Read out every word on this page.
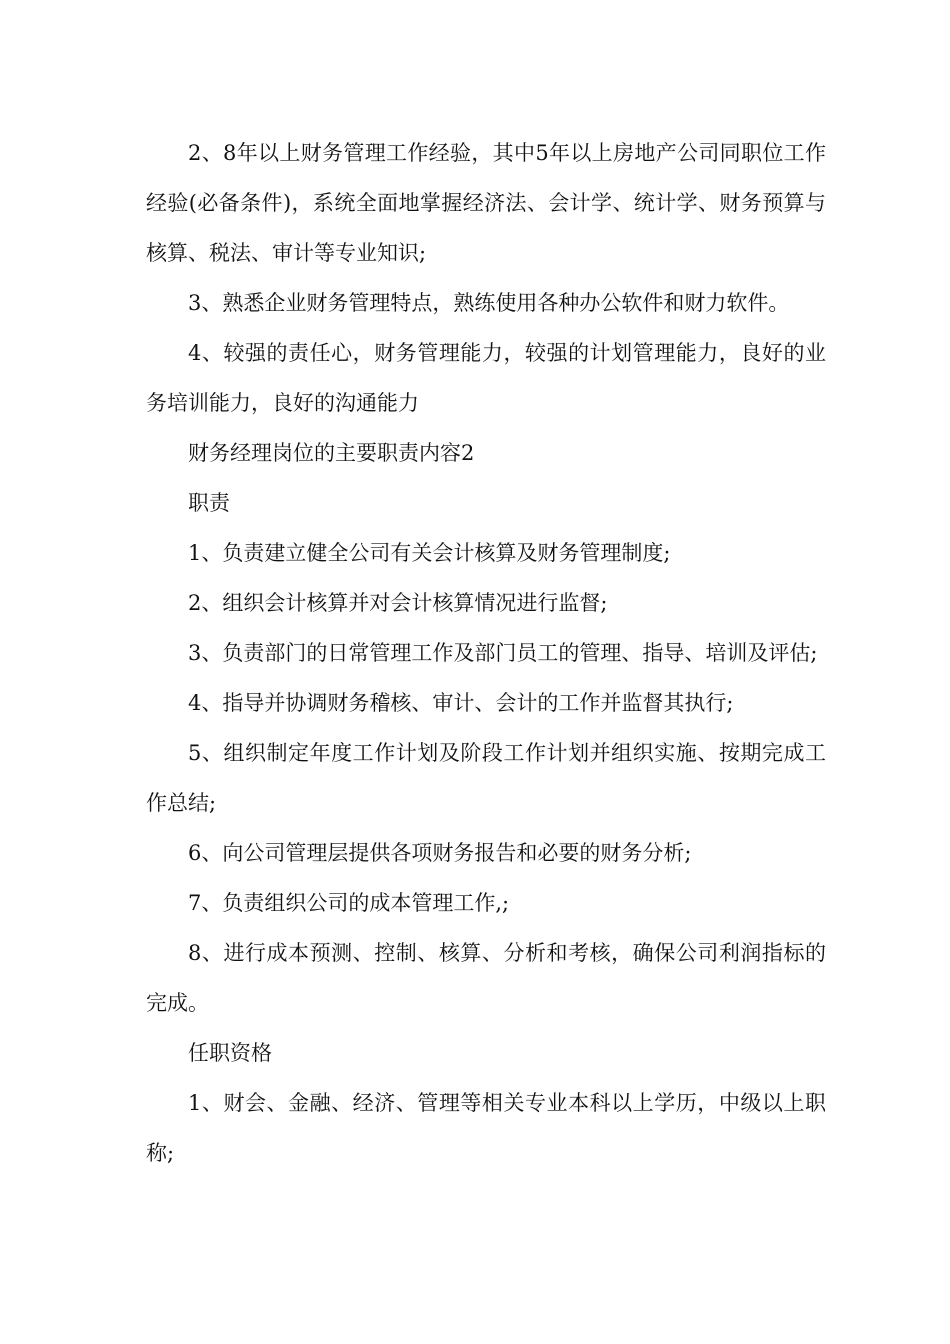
2、8年以上财务管理工作经验，其中5年以上房地产公司同职位工作经验(必备条件)，系统全面地掌握经济法、会计学、统计学、财务预算与核算、税法、审计等专业知识;

3、熟悉企业财务管理特点，熟练使用各种办公软件和财力软件。

4、较强的责任心，财务管理能力，较强的计划管理能力，良好的业务培训能力，良好的沟通能力

财务经理岗位的主要职责内容2

职责

1、负责建立健全公司有关会计核算及财务管理制度;

2、组织会计核算并对会计核算情况进行监督;

3、负责部门的日常管理工作及部门员工的管理、指导、培训及评估;

4、指导并协调财务稽核、审计、会计的工作并监督其执行;

5、组织制定年度工作计划及阶段工作计划并组织实施、按期完成工作总结;

6、向公司管理层提供各项财务报告和必要的财务分析;

7、负责组织公司的成本管理工作,;

8、进行成本预测、控制、核算、分析和考核，确保公司利润指标的完成。

任职资格

1、财会、金融、经济、管理等相关专业本科以上学历，中级以上职称;
